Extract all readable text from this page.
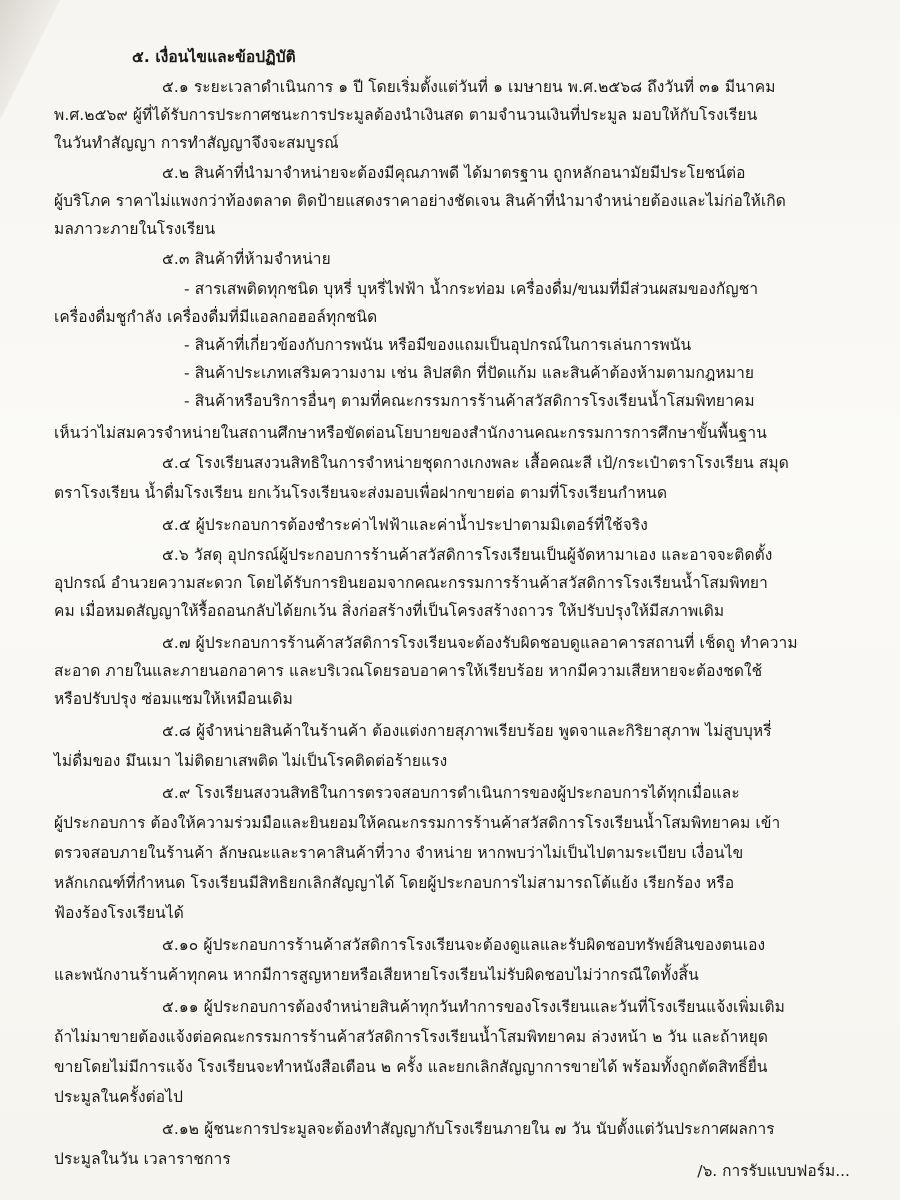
๕. เงื่อนไขและข้อปฏิบัติ
๕.๑ ระยะเวลาดำเนินการ ๑ ปี โดยเริ่มตั้งแต่วันที่ ๑ เมษายน พ.ศ.๒๕๖๘ ถึงวันที่ ๓๑ มีนาคม
พ.ศ.๒๕๖๙ ผู้ที่ได้รับการประกาศชนะการประมูลต้องนำเงินสด ตามจำนวนเงินที่ประมูล มอบให้กับโรงเรียน
ในวันทำสัญญา การทำสัญญาจึงจะสมบูรณ์
๕.๒ สินค้าที่นำมาจำหน่ายจะต้องมีคุณภาพดี ได้มาตรฐาน ถูกหลักอนามัยมีประโยชน์ต่อ
ผู้บริโภค ราคาไม่แพงกว่าท้องตลาด ติดป้ายแสดงราคาอย่างชัดเจน สินค้าที่นำมาจำหน่ายต้องและไม่ก่อให้เกิด
มลภาวะภายในโรงเรียน
๕.๓ สินค้าที่ห้ามจำหน่าย
- สารเสพติดทุกชนิด บุหรี่ บุหรี่ไฟฟ้า น้ำกระท่อม เครื่องดื่ม/ขนมที่มีส่วนผสมของกัญชา
เครื่องดื่มชูกำลัง เครื่องดื่มที่มีแอลกอฮอล์ทุกชนิด
- สินค้าที่เกี่ยวข้องกับการพนัน หรือมีของแถมเป็นอุปกรณ์ในการเล่นการพนัน
- สินค้าประเภทเสริมความงาม เช่น ลิปสติก ที่ปัดแก้ม และสินค้าต้องห้ามตามกฎหมาย
- สินค้าหรือบริการอื่นๆ ตามที่คณะกรรมการร้านค้าสวัสดิการโรงเรียนน้ำโสมพิทยาคม
เห็นว่าไม่สมควรจำหน่ายในสถานศึกษาหรือขัดต่อนโยบายของสำนักงานคณะกรรมการการศึกษาขั้นพื้นฐาน
๕.๔ โรงเรียนสงวนสิทธิในการจำหน่ายชุดกางเกงพละ เสื้อคณะสี เป้/กระเป๋าตราโรงเรียน สมุด
ตราโรงเรียน น้ำดื่มโรงเรียน ยกเว้นโรงเรียนจะส่งมอบเพื่อฝากขายต่อ ตามที่โรงเรียนกำหนด
๕.๕ ผู้ประกอบการต้องชำระค่าไฟฟ้าและค่าน้ำประปาตามมิเตอร์ที่ใช้จริง
๕.๖ วัสดุ อุปกรณ์ผู้ประกอบการร้านค้าสวัสดิการโรงเรียนเป็นผู้จัดหามาเอง และอาจจะติดตั้ง
อุปกรณ์ อำนวยความสะดวก โดยได้รับการยินยอมจากคณะกรรมการร้านค้าสวัสดิการโรงเรียนน้ำโสมพิทยา
คม เมื่อหมดสัญญาให้รื้อถอนกลับได้ยกเว้น สิ่งก่อสร้างที่เป็นโครงสร้างถาวร ให้ปรับปรุงให้มีสภาพเดิม
๕.๗ ผู้ประกอบการร้านค้าสวัสดิการโรงเรียนจะต้องรับผิดชอบดูแลอาคารสถานที่ เช็ดถู ทำความ
สะอาด ภายในและภายนอกอาคาร และบริเวณโดยรอบอาคารให้เรียบร้อย หากมีความเสียหายจะต้องชดใช้
หรือปรับปรุง ซ่อมแซมให้เหมือนเดิม
๕.๘ ผู้จำหน่ายสินค้าในร้านค้า ต้องแต่งกายสุภาพเรียบร้อย พูดจาและกิริยาสุภาพ ไม่สูบบุหรี่
ไม่ดื่มของ มึนเมา ไม่ติดยาเสพติด ไม่เป็นโรคติดต่อร้ายแรง
๕.๙ โรงเรียนสงวนสิทธิในการตรวจสอบการดำเนินการของผู้ประกอบการได้ทุกเมื่อและ
ผู้ประกอบการ ต้องให้ความร่วมมือและยินยอมให้คณะกรรมการร้านค้าสวัสดิการโรงเรียนน้ำโสมพิทยาคม เข้า
ตรวจสอบภายในร้านค้า ลักษณะและราคาสินค้าที่วาง จำหน่าย หากพบว่าไม่เป็นไปตามระเบียบ เงื่อนไข
หลักเกณฑ์ที่กำหนด โรงเรียนมีสิทธิยกเลิกสัญญาได้ โดยผู้ประกอบการไม่สามารถโต้แย้ง เรียกร้อง หรือ
ฟ้องร้องโรงเรียนได้
๕.๑๐ ผู้ประกอบการร้านค้าสวัสดิการโรงเรียนจะต้องดูแลและรับผิดชอบทรัพย์สินของตนเอง
และพนักงานร้านค้าทุกคน หากมีการสูญหายหรือเสียหายโรงเรียนไม่รับผิดชอบไม่ว่ากรณีใดทั้งสิ้น
๕.๑๑ ผู้ประกอบการต้องจำหน่ายสินค้าทุกวันทำการของโรงเรียนและวันที่โรงเรียนแจ้งเพิ่มเติม
ถ้าไม่มาขายต้องแจ้งต่อคณะกรรมการร้านค้าสวัสดิการโรงเรียนน้ำโสมพิทยาคม ล่วงหน้า ๒ วัน และถ้าหยุด
ขายโดยไม่มีการแจ้ง โรงเรียนจะทำหนังสือเตือน ๒ ครั้ง และยกเลิกสัญญาการขายได้ พร้อมทั้งถูกตัดสิทธิ์ยื่น
ประมูลในครั้งต่อไป
๕.๑๒ ผู้ชนะการประมูลจะต้องทำสัญญากับโรงเรียนภายใน ๗ วัน นับตั้งแต่วันประกาศผลการ
ประมูลในวัน เวลาราชการ
/๖. การรับแบบฟอร์ม...
